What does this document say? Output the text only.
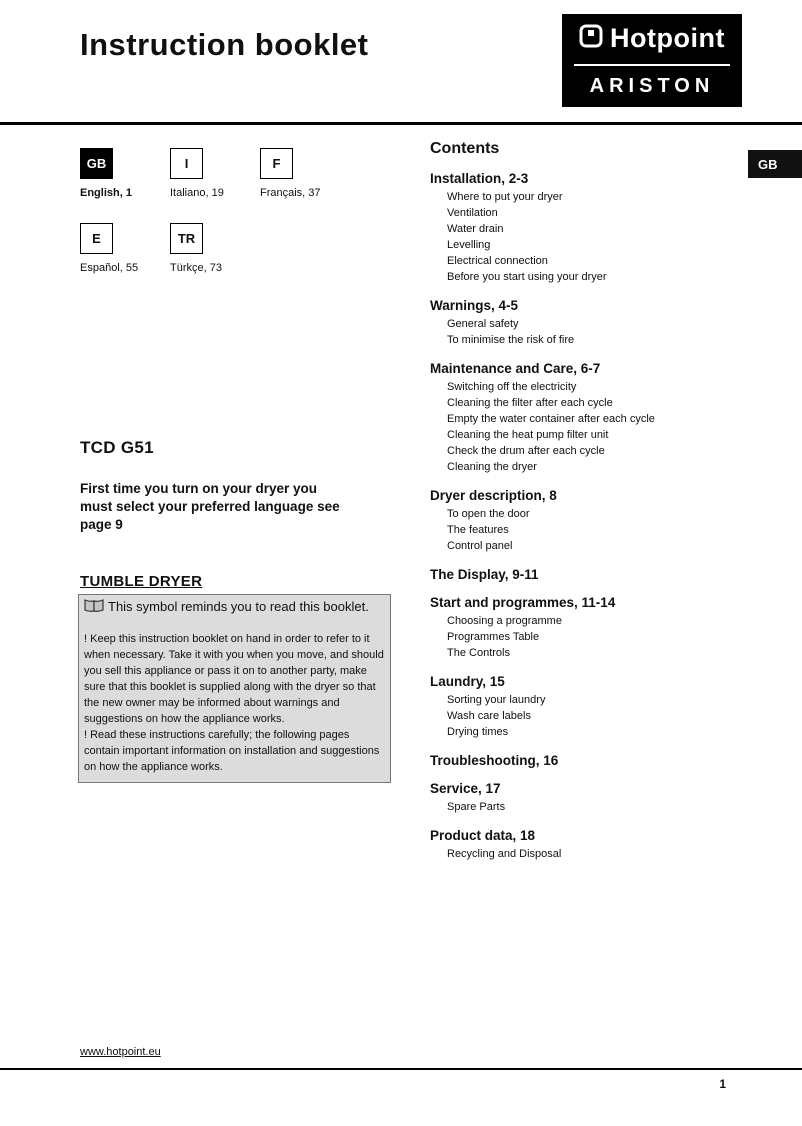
Instruction booklet	Hotpoint
ARISTON
GB
GB
English, 1
I
Italiano, 19
F
Français, 37
E
Español, 55
TR
Türkçe, 73
TCD G51
First time you turn on your dryer you must select your preferred language see page 9
TUMBLE DRYER
This symbol reminds you to read this booklet.

! Keep this instruction booklet on hand in order to refer to it when necessary. Take it with you when you move, and should you sell this appliance or pass it on to another party, make sure that this booklet is supplied along with the dryer so that the new owner may be informed about warnings and suggestions on how the appliance works.

! Read these instructions carefully; the following pages contain important information on installation and suggestions on how the appliance works.

www.hotpoint.eu
Contents
Installation, 2-3
Where to put your dryer
Ventilation
Water drain
Levelling
Electrical connection
Before you start using your dryer
Warnings, 4-5
General safety
To minimise the risk of fire
Maintenance and Care, 6-7
Switching off the electricity
Cleaning the filter after each cycle
Empty the water container after each cycle
Cleaning the heat pump filter unit
Check the drum after each cycle
Cleaning the dryer
Dryer description, 8
To open the door
The features
Control panel
The Display, 9-11
Start and programmes, 11-14
Choosing a programme
Programmes Table
The Controls
Laundry, 15
Sorting your laundry
Wash care labels
Drying times
Troubleshooting, 16
Service, 17
Spare Parts
Product data, 18
Recycling and Disposal
1
